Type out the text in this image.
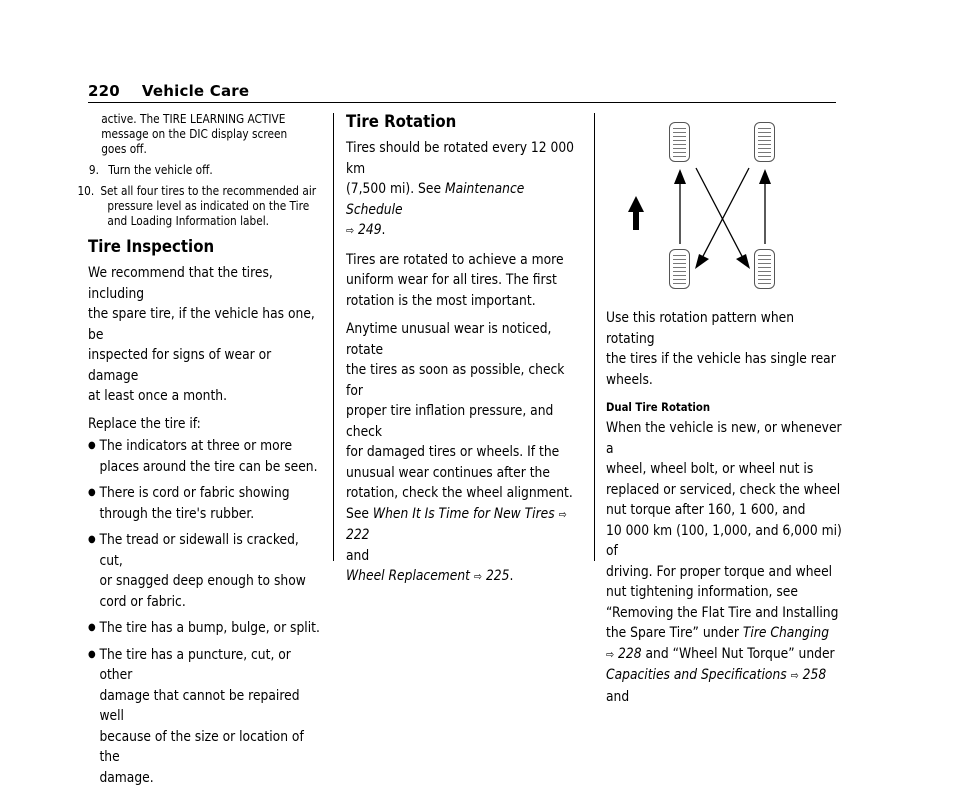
220 Vehicle Care
active. The TIRE LEARNING ACTIVE
message on the DIC display screen
goes off.
9. Turn the vehicle off.
10. Set all four tires to the recommended air
pressure level as indicated on the Tire
and Loading Information label.
Tire Inspection
We recommend that the tires, including
the spare tire, if the vehicle has one, be
inspected for signs of wear or damage
at least once a month.
Replace the tire if:
● The indicators at three or more
places around the tire can be seen.
● There is cord or fabric showing
through the tire's rubber.
● The tread or sidewall is cracked, cut,
or snagged deep enough to show
cord or fabric.
● The tire has a bump, bulge, or split.
● The tire has a puncture, cut, or other
damage that cannot be repaired well
because of the size or location of the
damage.
Tire Rotation
Tires should be rotated every 12 000 km
(7,500 mi). See Maintenance Schedule
⇨ 249.
Tires are rotated to achieve a more
uniform wear for all tires. The first
rotation is the most important.
Anytime unusual wear is noticed, rotate
the tires as soon as possible, check for
proper tire inflation pressure, and check
for damaged tires or wheels. If the
unusual wear continues after the
rotation, check the wheel alignment.
See When It Is Time for New Tires ⇨ 222
and
Wheel Replacement ⇨ 225.
Use this rotation pattern when rotating
the tires if the vehicle has single rear
wheels.
Dual Tire Rotation
When the vehicle is new, or whenever a
wheel, wheel bolt, or wheel nut is
replaced or serviced, check the wheel
nut torque after 160, 1 600, and
10 000 km (100, 1,000, and 6,000 mi) of
driving. For proper torque and wheel
nut tightening information, see
“Removing the Flat Tire and Installing
the Spare Tire” under Tire Changing
⇨ 228 and “Wheel Nut Torque” under
Capacities and Specifications ⇨ 258 and
